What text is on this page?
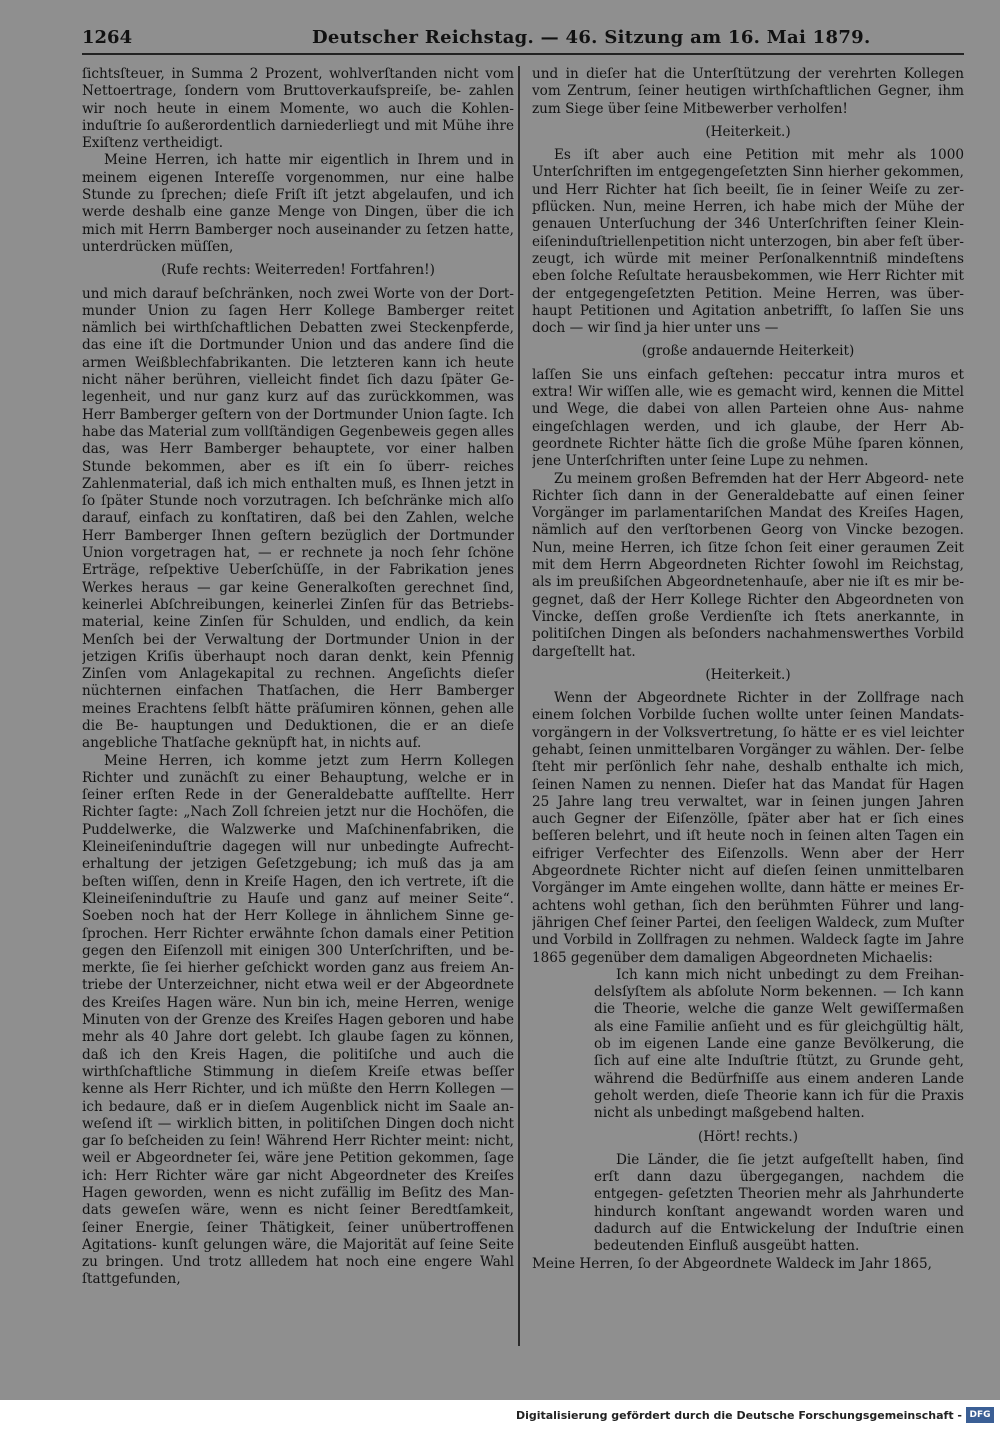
1264	Deutscher Reichstag. — 46. Sitzung am 16. Mai 1879.

ſichtsſteuer, in Summa 2 Prozent, wohlverſtanden nicht vom Nettoertrage, ſondern vom Bruttoverkaufspreiſe, be- zahlen wir noch heute in einem Momente, wo auch die Kohlen- induſtrie ſo außerordentlich darniederliegt und mit Mühe ihre Exiſtenz vertheidigt.

Meine Herren, ich hatte mir eigentlich in Ihrem und in meinem eigenen Intereſſe vorgenommen, nur eine halbe Stunde zu ſprechen; dieſe Friſt iſt jetzt abgelaufen, und ich werde deshalb eine ganze Menge von Dingen, über die ich mich mit Herrn Bamberger noch auseinander zu ſetzen hatte, unterdrücken müſſen,

(Rufe rechts: Weiterreden! Fortfahren!)

und mich darauf beſchränken, noch zwei Worte von der Dort- munder Union zu ſagen Herr Kollege Bamberger reitet nämlich bei wirthſchaftlichen Debatten zwei Steckenpferde, das eine iſt die Dortmunder Union und das andere ſind die armen Weißblechfabrikanten. Die letzteren kann ich heute nicht näher berühren, vielleicht findet ſich dazu ſpäter Ge- legenheit, und nur ganz kurz auf das zurückkommen, was Herr Bamberger geſtern von der Dortmunder Union ſagte. Ich habe das Material zum vollſtändigen Gegenbeweis gegen alles das, was Herr Bamberger behauptete, vor einer halben Stunde bekommen, aber es iſt ein ſo überr- reiches Zahlenmaterial, daß ich mich enthalten muß, es Ihnen jetzt in ſo ſpäter Stunde noch vorzutragen. Ich beſchränke mich alſo darauf, einfach zu konſtatiren, daß bei den Zahlen, welche Herr Bamberger Ihnen geſtern bezüglich der Dortmunder Union vorgetragen hat, — er rechnete ja noch ſehr ſchöne Erträge, reſpektive Ueberſchüſſe, in der Fabrikation jenes Werkes heraus — gar keine Generalkoſten gerechnet ſind, keinerlei Abſchreibungen, keinerlei Zinſen für das Betriebs- material, keine Zinſen für Schulden, und endlich, da kein Menſch bei der Verwaltung der Dortmunder Union in der jetzigen Kriſis überhaupt noch daran denkt, kein Pfennig Zinſen vom Anlagekapital zu rechnen. Angeſichts dieſer nüchternen einfachen Thatſachen, die Herr Bamberger meines Erachtens ſelbſt hätte präſumiren können, gehen alle die Be- hauptungen und Deduktionen, die er an dieſe angebliche Thatſache geknüpft hat, in nichts auf.

Meine Herren, ich komme jetzt zum Herrn Kollegen Richter und zunächſt zu einer Behauptung, welche er in ſeiner erſten Rede in der Generaldebatte aufſtellte. Herr Richter ſagte: „Nach Zoll ſchreien jetzt nur die Hochöfen, die Puddelwerke, die Walzwerke und Maſchinenfabriken, die Kleineiſeninduſtrie dagegen will nur unbedingte Aufrecht- erhaltung der jetzigen Geſetzgebung; ich muß das ja am beſten wiſſen, denn in Kreiſe Hagen, den ich vertrete, iſt die Kleineiſeninduſtrie zu Hauſe und ganz auf meiner Seite“. Soeben noch hat der Herr Kollege in ähnlichem Sinne ge- ſprochen. Herr Richter erwähnte ſchon damals einer Petition gegen den Eiſenzoll mit einigen 300 Unterſchriften, und be- merkte, ſie ſei hierher geſchickt worden ganz aus freiem An- triebe der Unterzeichner, nicht etwa weil er der Abgeordnete des Kreiſes Hagen wäre. Nun bin ich, meine Herren, wenige Minuten von der Grenze des Kreiſes Hagen geboren und habe mehr als 40 Jahre dort gelebt. Ich glaube ſagen zu können, daß ich den Kreis Hagen, die politiſche und auch die wirthſchaftliche Stimmung in dieſem Kreiſe etwas beſſer kenne als Herr Richter, und ich müßte den Herrn Kollegen — ich bedaure, daß er in dieſem Augenblick nicht im Saale an- weſend iſt — wirklich bitten, in politiſchen Dingen doch nicht gar ſo beſcheiden zu ſein! Während Herr Richter meint: nicht, weil er Abgeordneter ſei, wäre jene Petition gekommen, ſage ich: Herr Richter wäre gar nicht Abgeordneter des Kreiſes Hagen geworden, wenn es nicht zufällig im Beſitz des Man- dats geweſen wäre, wenn es nicht ſeiner Beredtſamkeit, ſeiner Energie, ſeiner Thätigkeit, ſeiner unübertroffenen Agitations- kunſt gelungen wäre, die Majorität auf ſeine Seite zu bringen. Und trotz allledem hat noch eine engere Wahl ſtattgefunden,

und in dieſer hat die Unterſtützung der verehrten Kollegen vom Zentrum, ſeiner heutigen wirthſchaftlichen Gegner, ihm zum Siege über ſeine Mitbewerber verholfen!

(Heiterkeit.)

Es iſt aber auch eine Petition mit mehr als 1000 Unterſchriften im entgegengeſetzten Sinn hierher gekommen, und Herr Richter hat ſich beeilt, ſie in ſeiner Weiſe zu zer- pflücken. Nun, meine Herren, ich habe mich der Mühe der genauen Unterſuchung der 346 Unterſchriften ſeiner Klein- eiſeninduſtriellenpetition nicht unterzogen, bin aber feſt über- zeugt, ich würde mit meiner Perſonalkenntniß mindeſtens eben ſolche Reſultate herausbekommen, wie Herr Richter mit der entgegengeſetzten Petition. Meine Herren, was über- haupt Petitionen und Agitation anbetrifft, ſo laſſen Sie uns doch — wir ſind ja hier unter uns —

(große andauernde Heiterkeit)

laſſen Sie uns einfach geſtehen: peccatur intra muros et extra! Wir wiſſen alle, wie es gemacht wird, kennen die Mittel und Wege, die dabei von allen Parteien ohne Aus- nahme eingeſchlagen werden, und ich glaube, der Herr Ab- geordnete Richter hätte ſich die große Mühe ſparen können, jene Unterſchriften unter ſeine Lupe zu nehmen.

Zu meinem großen Befremden hat der Herr Abgeord- nete Richter ſich dann in der Generaldebatte auf einen ſeiner Vorgänger im parlamentariſchen Mandat des Kreiſes Hagen, nämlich auf den verſtorbenen Georg von Vincke bezogen. Nun, meine Herren, ich ſitze ſchon ſeit einer geraumen Zeit mit dem Herrn Abgeordneten Richter ſowohl im Reichstag, als im preußiſchen Abgeordnetenhauſe, aber nie iſt es mir be- gegnet, daß der Herr Kollege Richter den Abgeordneten von Vincke, deſſen große Verdienſte ich ſtets anerkannte, in politiſchen Dingen als beſonders nachahmenswerthes Vorbild dargeſtellt hat.

(Heiterkeit.)

Wenn der Abgeordnete Richter in der Zollfrage nach einem ſolchen Vorbilde ſuchen wollte unter ſeinen Mandats- vorgängern in der Volksvertretung, ſo hätte er es viel leichter gehabt, ſeinen unmittelbaren Vorgänger zu wählen. Der- ſelbe ſteht mir perſönlich ſehr nahe, deshalb enthalte ich mich, ſeinen Namen zu nennen. Dieſer hat das Mandat für Hagen 25 Jahre lang treu verwaltet, war in ſeinen jungen Jahren auch Gegner der Eiſenzölle, ſpäter aber hat er ſich eines beſſeren belehrt, und iſt heute noch in ſeinen alten Tagen ein eifriger Verfechter des Eiſenzolls. Wenn aber der Herr Abgeordnete Richter nicht auf dieſen ſeinen unmittelbaren Vorgänger im Amte eingehen wollte, dann hätte er meines Er- achtens wohl gethan, ſich den berühmten Führer und lang- jährigen Chef ſeiner Partei, den ſeeligen Waldeck, zum Muſter und Vorbild in Zollfragen zu nehmen. Waldeck ſagte im Jahre 1865 gegenüber dem damaligen Abgeordneten Michaelis:

Ich kann mich nicht unbedingt zu dem Freihan- delsſyſtem als abſolute Norm bekennen. — Ich kann die Theorie, welche die ganze Welt gewiſſermaßen als eine Familie anſieht und es für gleichgültig hält, ob im eigenen Lande eine ganze Bevölkerung, die ſich auf eine alte Induſtrie ſtützt, zu Grunde geht, während die Bedürfniſſe aus einem anderen Lande geholt werden, dieſe Theorie kann ich für die Praxis nicht als unbedingt maßgebend halten.

(Hört! rechts.)

Die Länder, die ſie jetzt aufgeſtellt haben, ſind erſt dann dazu übergegangen, nachdem die entgegen- geſetzten Theorien mehr als Jahrhunderte hindurch konſtant angewandt worden waren und dadurch auf die Entwickelung der Induſtrie einen bedeutenden Einfluß ausgeübt hatten.

Meine Herren, ſo der Abgeordnete Waldeck im Jahr 1865,

Digitalisierung gefördert durch die Deutsche Forschungsgemeinschaft - DFG
